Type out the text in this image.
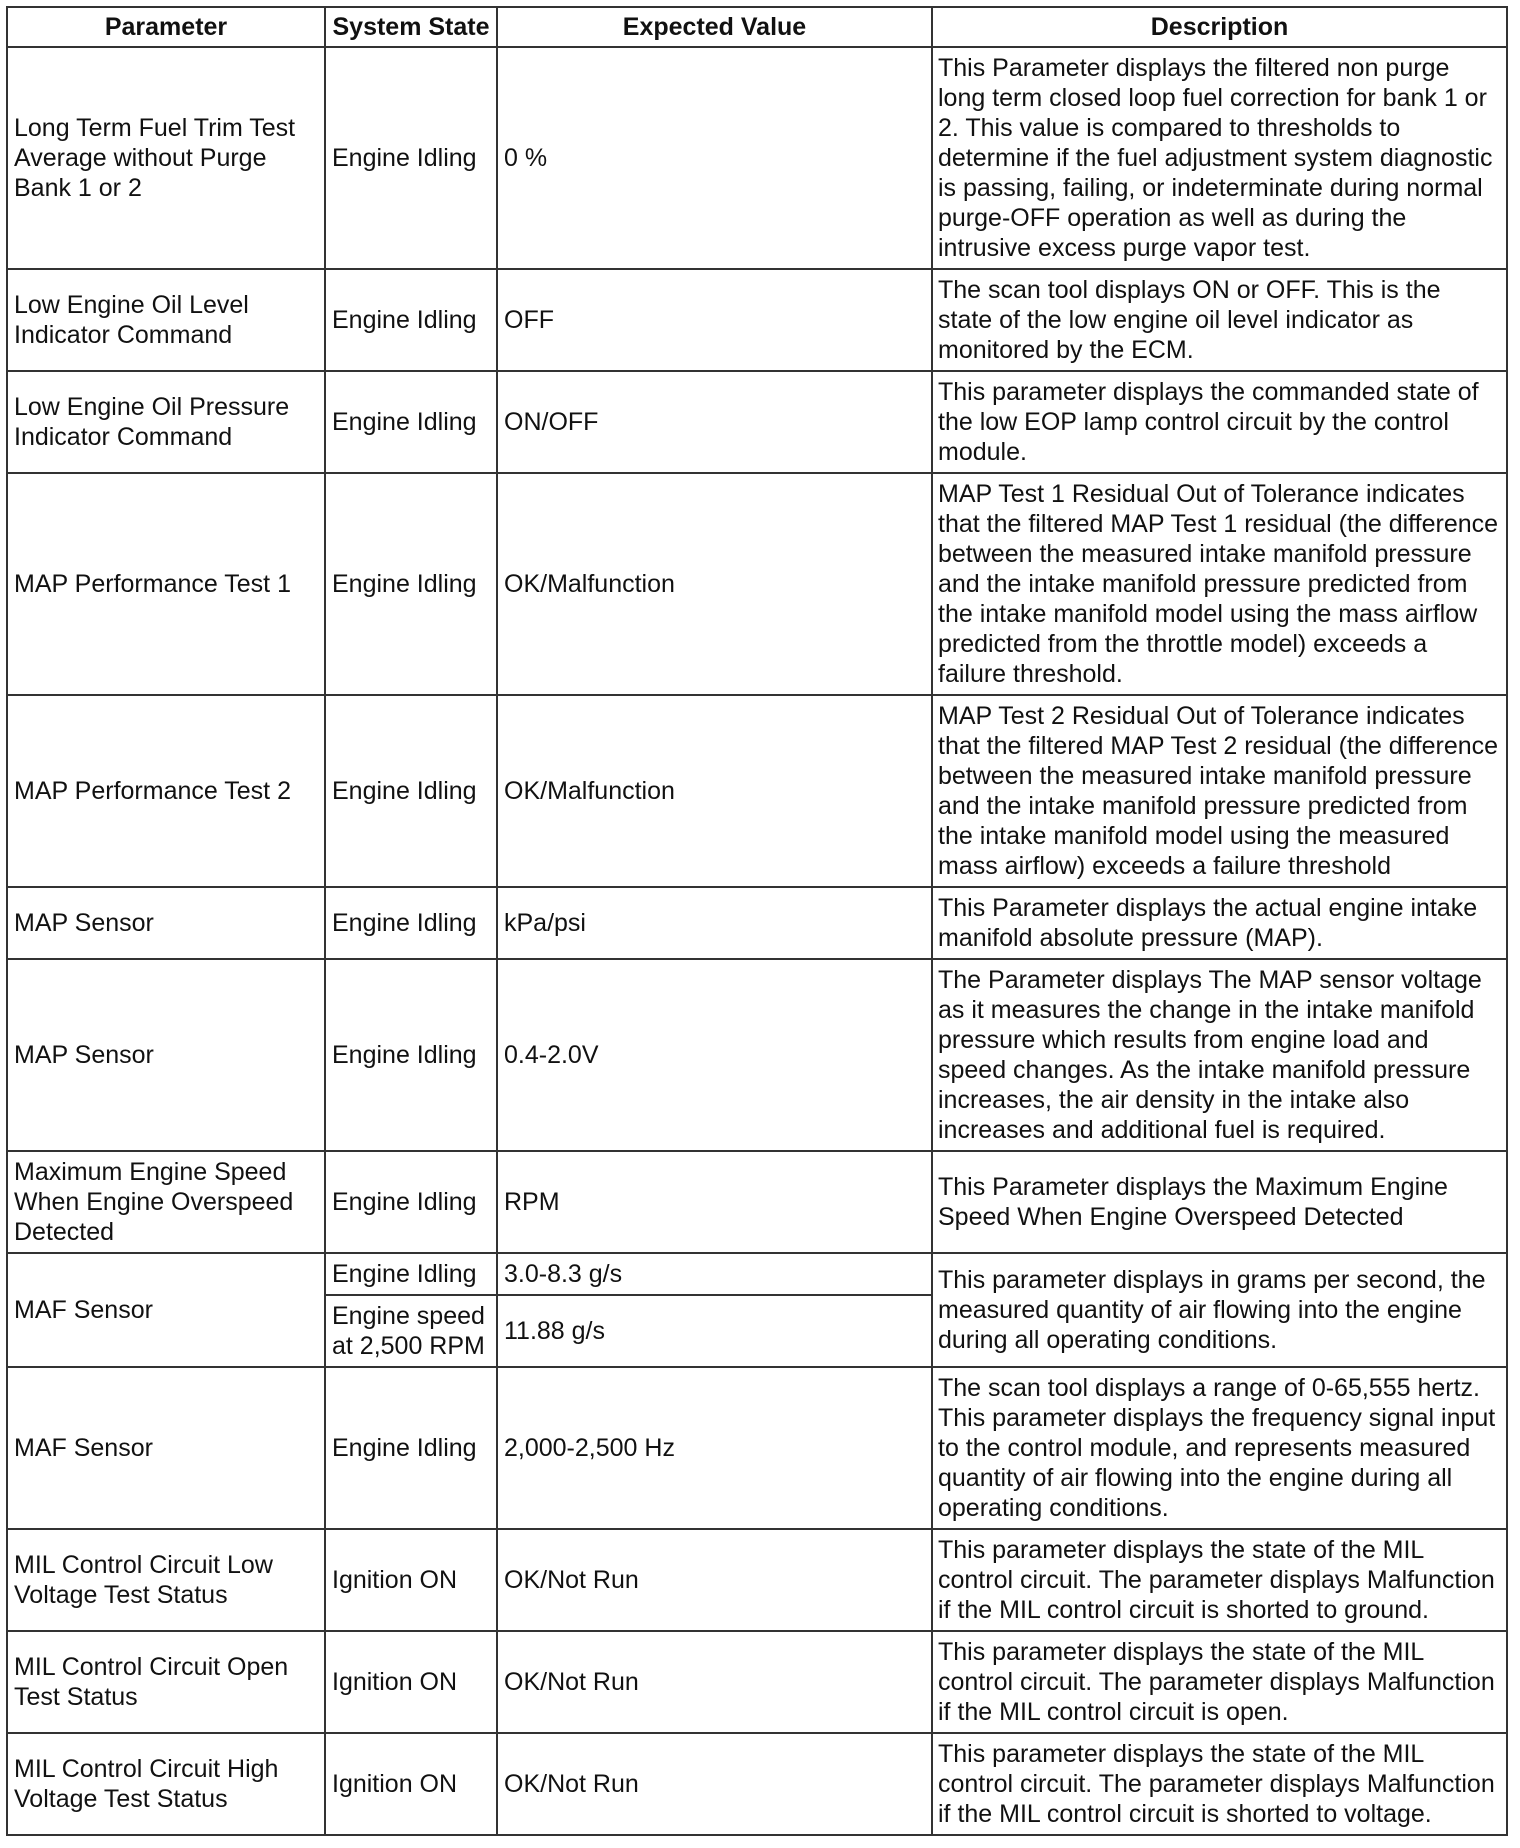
Parameter	System State	Expected Value	Description
Long Term Fuel Trim Test Average without Purge Bank 1 or 2	Engine Idling	0 %	This Parameter displays the filtered non purge long term closed loop fuel correction for bank 1 or 2. This value is compared to thresholds to determine if the fuel adjustment system diagnostic is passing, failing, or indeterminate during normal purge-OFF operation as well as during the intrusive excess purge vapor test.
Low Engine Oil Level Indicator Command	Engine Idling	OFF	The scan tool displays ON or OFF. This is the state of the low engine oil level indicator as monitored by the ECM.
Low Engine Oil Pressure Indicator Command	Engine Idling	ON/OFF	This parameter displays the commanded state of the low EOP lamp control circuit by the control module.
MAP Performance Test 1	Engine Idling	OK/Malfunction	MAP Test 1 Residual Out of Tolerance indicates that the filtered MAP Test 1 residual (the difference between the measured intake manifold pressure and the intake manifold pressure predicted from the intake manifold model using the mass airflow predicted from the throttle model) exceeds a failure threshold.
MAP Performance Test 2	Engine Idling	OK/Malfunction	MAP Test 2 Residual Out of Tolerance indicates that the filtered MAP Test 2 residual (the difference between the measured intake manifold pressure and the intake manifold pressure predicted from the intake manifold model using the measured mass airflow) exceeds a failure threshold
MAP Sensor	Engine Idling	kPa/psi	This Parameter displays the actual engine intake manifold absolute pressure (MAP).
MAP Sensor	Engine Idling	0.4-2.0V	The Parameter displays The MAP sensor voltage as it measures the change in the intake manifold pressure which results from engine load and speed changes. As the intake manifold pressure increases, the air density in the intake also increases and additional fuel is required.
Maximum Engine Speed When Engine Overspeed Detected	Engine Idling	RPM	This Parameter displays the Maximum Engine Speed When Engine Overspeed Detected
MAF Sensor	Engine Idling	3.0-8.3 g/s	This parameter displays in grams per second, the measured quantity of air flowing into the engine during all operating conditions.
	Engine speed at 2,500 RPM	11.88 g/s	
MAF Sensor	Engine Idling	2,000-2,500 Hz	The scan tool displays a range of 0-65,555 hertz. This parameter displays the frequency signal input to the control module, and represents measured quantity of air flowing into the engine during all operating conditions.
MIL Control Circuit Low Voltage Test Status	Ignition ON	OK/Not Run	This parameter displays the state of the MIL control circuit. The parameter displays Malfunction if the MIL control circuit is shorted to ground.
MIL Control Circuit Open Test Status	Ignition ON	OK/Not Run	This parameter displays the state of the MIL control circuit. The parameter displays Malfunction if the MIL control circuit is open.
MIL Control Circuit High Voltage Test Status	Ignition ON	OK/Not Run	This parameter displays the state of the MIL control circuit. The parameter displays Malfunction if the MIL control circuit is shorted to voltage.
